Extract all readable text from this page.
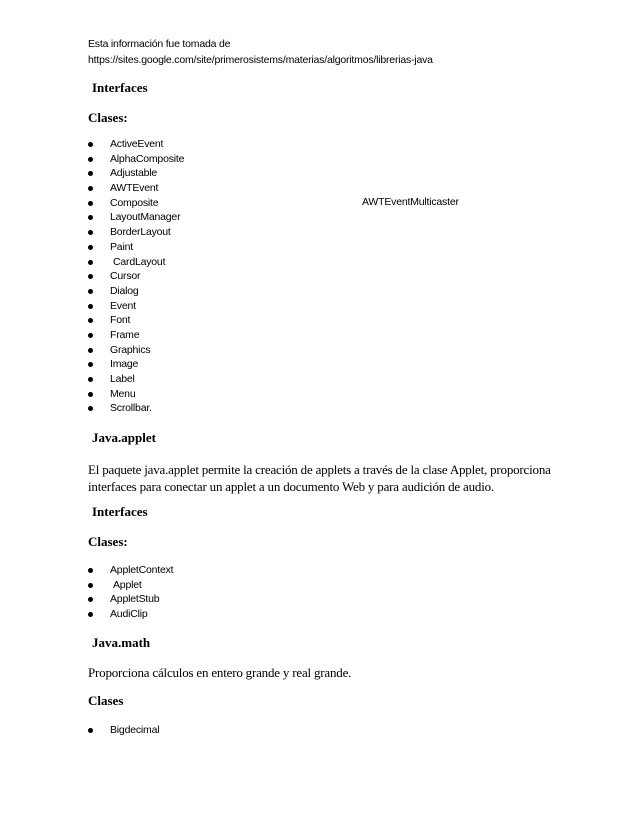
Esta información fue tomada de
https://sites.google.com/site/primerosistems/materias/algoritmos/librerias-java
Interfaces
Clases:
ActiveEvent
AlphaComposite
Adjustable
AWTEvent
Composite
LayoutManager
BorderLayout
Paint
CardLayout
Cursor
Dialog
Event
Font
Frame
Graphics
Image
Label
Menu
Scrollbar.
AWTEventMulticaster
Java.applet
El paquete java.applet permite la creación de applets a través de la clase Applet, proporciona interfaces para conectar un applet a un documento Web y para audición de audio.
Interfaces
Clases:
AppletContext
Applet
AppletStub
AudiClip
Java.math
Proporciona cálculos en entero grande y real grande.
Clases
Bigdecimal
